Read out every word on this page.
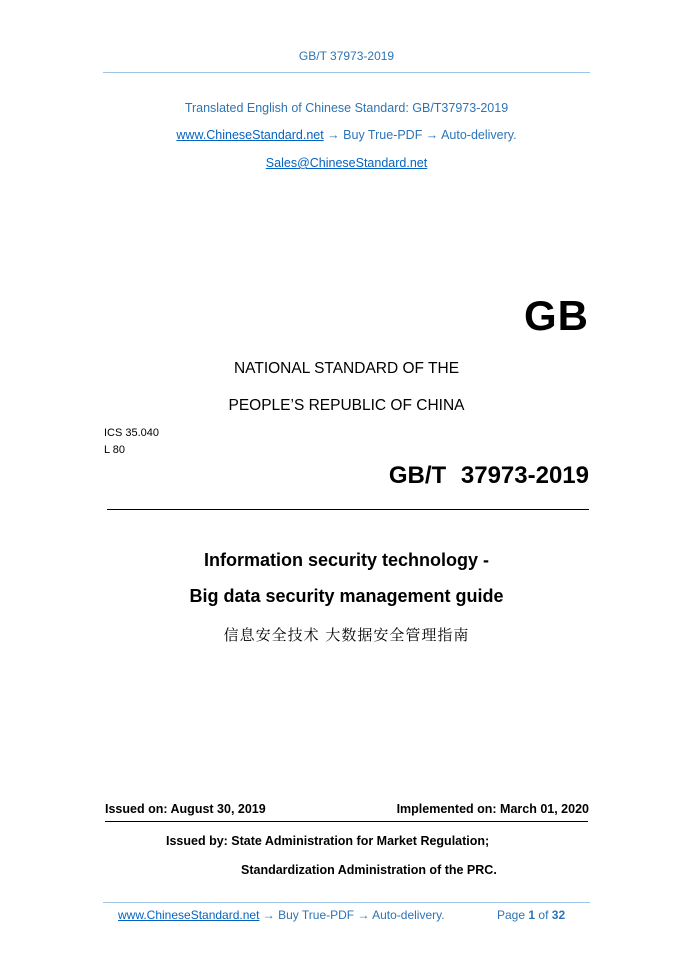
GB/T 37973-2019
Translated English of Chinese Standard: GB/T37973-2019
www.ChineseStandard.net → Buy True-PDF → Auto-delivery.
Sales@ChineseStandard.net
GB
NATIONAL STANDARD OF THE
PEOPLE’S REPUBLIC OF CHINA
ICS 35.040
L 80
GB/T 37973-2019
Information security technology -
Big data security management guide
信息安全技术 大数据安全管理指南
Issued on: August 30, 2019	Implemented on: March 01, 2020
Issued by: State Administration for Market Regulation;
Standardization Administration of the PRC.
www.ChineseStandard.net → Buy True-PDF → Auto-delivery.	Page 1 of 32
